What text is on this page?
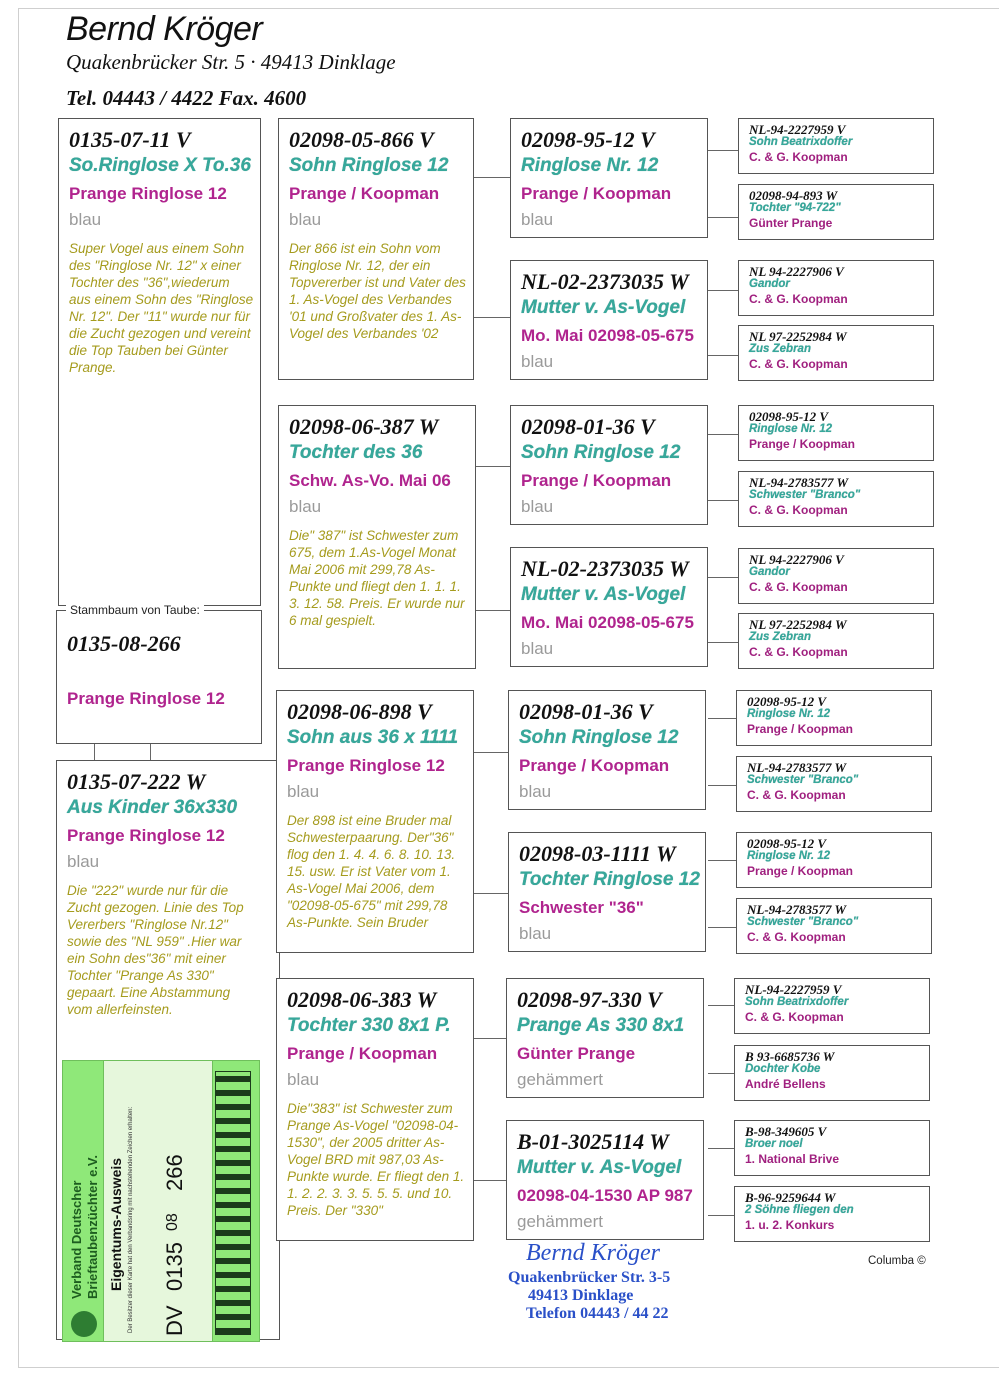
Bernd Kröger
Quakenbrücker Str. 5 · 49413 Dinklage
Tel. 04443 / 4422 Fax. 4600
0135-07-11 V
So.Ringlose X To.36
Prange Ringlose 12
blau
Super Vogel aus einem Sohn des "Ringlose Nr. 12" x einer Tochter des "36",wiederum aus einem Sohn des "Ringlose Nr. 12". Der "11" wurde nur für die Zucht gezogen und vereint die Top Tauben bei Günter Prange.
0135-08-266
Prange Ringlose 12
Stammbaum von Taube:
0135-07-222 W
Aus Kinder 36x330
Prange Ringlose 12
blau
Die "222" wurde nur für die Zucht gezogen. Linie des Top Vererbers "Ringlose Nr.12" sowie des "NL 959" .Hier war ein Sohn des"36" mit einer Tochter "Prange As 330" gepaart. Eine Abstammung vom allerfeinsten.
02098-05-866 V
Sohn Ringlose 12
Prange / Koopman
blau
Der 866 ist ein Sohn vom Ringlose Nr. 12, der ein Topvererber ist und Vater des 1. As-Vogel des Verbandes '01 und Großvater des 1. As-Vogel des Verbandes '02
02098-06-387 W
Tochter des 36
Schw. As-Vo. Mai 06
blau
Die" 387" ist Schwester zum 675, dem 1.As-Vogel Monat Mai 2006 mit 299,78 As-Punkte und fliegt den 1. 1. 1. 3. 12. 58. Preis. Er wurde nur 6 mal gespielt.
02098-06-898 V
Sohn aus 36 x 1111
Prange Ringlose 12
blau
Der 898 ist eine Bruder mal Schwesterpaarung. Der"36" flog den 1. 4. 4. 6. 8. 10. 13. 15. usw. Er ist Vater vom 1. As-Vogel Mai 2006, dem "02098-05-675" mit 299,78 As-Punkte. Sein Bruder
02098-06-383 W
Tochter 330 8x1 P.
Prange / Koopman
blau
Die"383" ist Schwester zum Prange As-Vogel "02098-04-1530", der 2005 dritter As-Vogel BRD mit 987,03 As-Punkte wurde. Er fliegt den 1. 1. 2. 2. 3. 3. 5. 5. 5. und 10. Preis. Der "330"
02098-95-12 V
Ringlose Nr. 12
Prange / Koopman
blau
NL-02-2373035 W
Mutter v. As-Vogel
Mo. Mai 02098-05-675
blau
02098-01-36 V
Sohn Ringlose 12
Prange / Koopman
blau
NL-02-2373035 W
Mutter v. As-Vogel
Mo. Mai 02098-05-675
blau
02098-01-36 V
Sohn Ringlose 12
Prange / Koopman
blau
02098-03-1111 W
Tochter Ringlose 12
Schwester "36"
blau
02098-97-330 V
Prange As 330 8x1
Günter Prange
gehämmert
B-01-3025114 W
Mutter v. As-Vogel
02098-04-1530 AP 987
gehämmert
NL-94-2227959 V
Sohn Beatrixdoffer
C. & G. Koopman
02098-94-893 W
Tochter "94-722"
Günter Prange
NL 94-2227906 V
Gandor
C. & G. Koopman
NL 97-2252984 W
Zus Zebran
C. & G. Koopman
02098-95-12 V
Ringlose Nr. 12
Prange / Koopman
NL-94-2783577 W
Schwester "Branco"
C. & G. Koopman
NL 94-2227906 V
Gandor
C. & G. Koopman
NL 97-2252984 W
Zus Zebran
C. & G. Koopman
02098-95-12 V
Ringlose Nr. 12
Prange / Koopman
NL-94-2783577 W
Schwester "Branco"
C. & G. Koopman
02098-95-12 V
Ringlose Nr. 12
Prange / Koopman
NL-94-2783577 W
Schwester "Branco"
C. & G. Koopman
NL-94-2227959 V
Sohn Beatrixdoffer
C. & G. Koopman
B 93-6685736 W
Dochter Kobe
André Bellens
B-98-349605 V
Broer noel
1. National Brive
B-96-9259644 W
2 Söhne fliegen den
1. u. 2. Konkurs
Verband Deutscher Brieftaubenzüchter e.V. Eigentums-Ausweis Der Besitzer dieser Karte hat den Verbandsring mit nachstehenden Zeichen erhalten: DV
0135
08
266
Bernd Kröger
Quakenbrücker Str. 3-5
49413 Dinklage
Telefon 04443 / 44 22
Columba ©
